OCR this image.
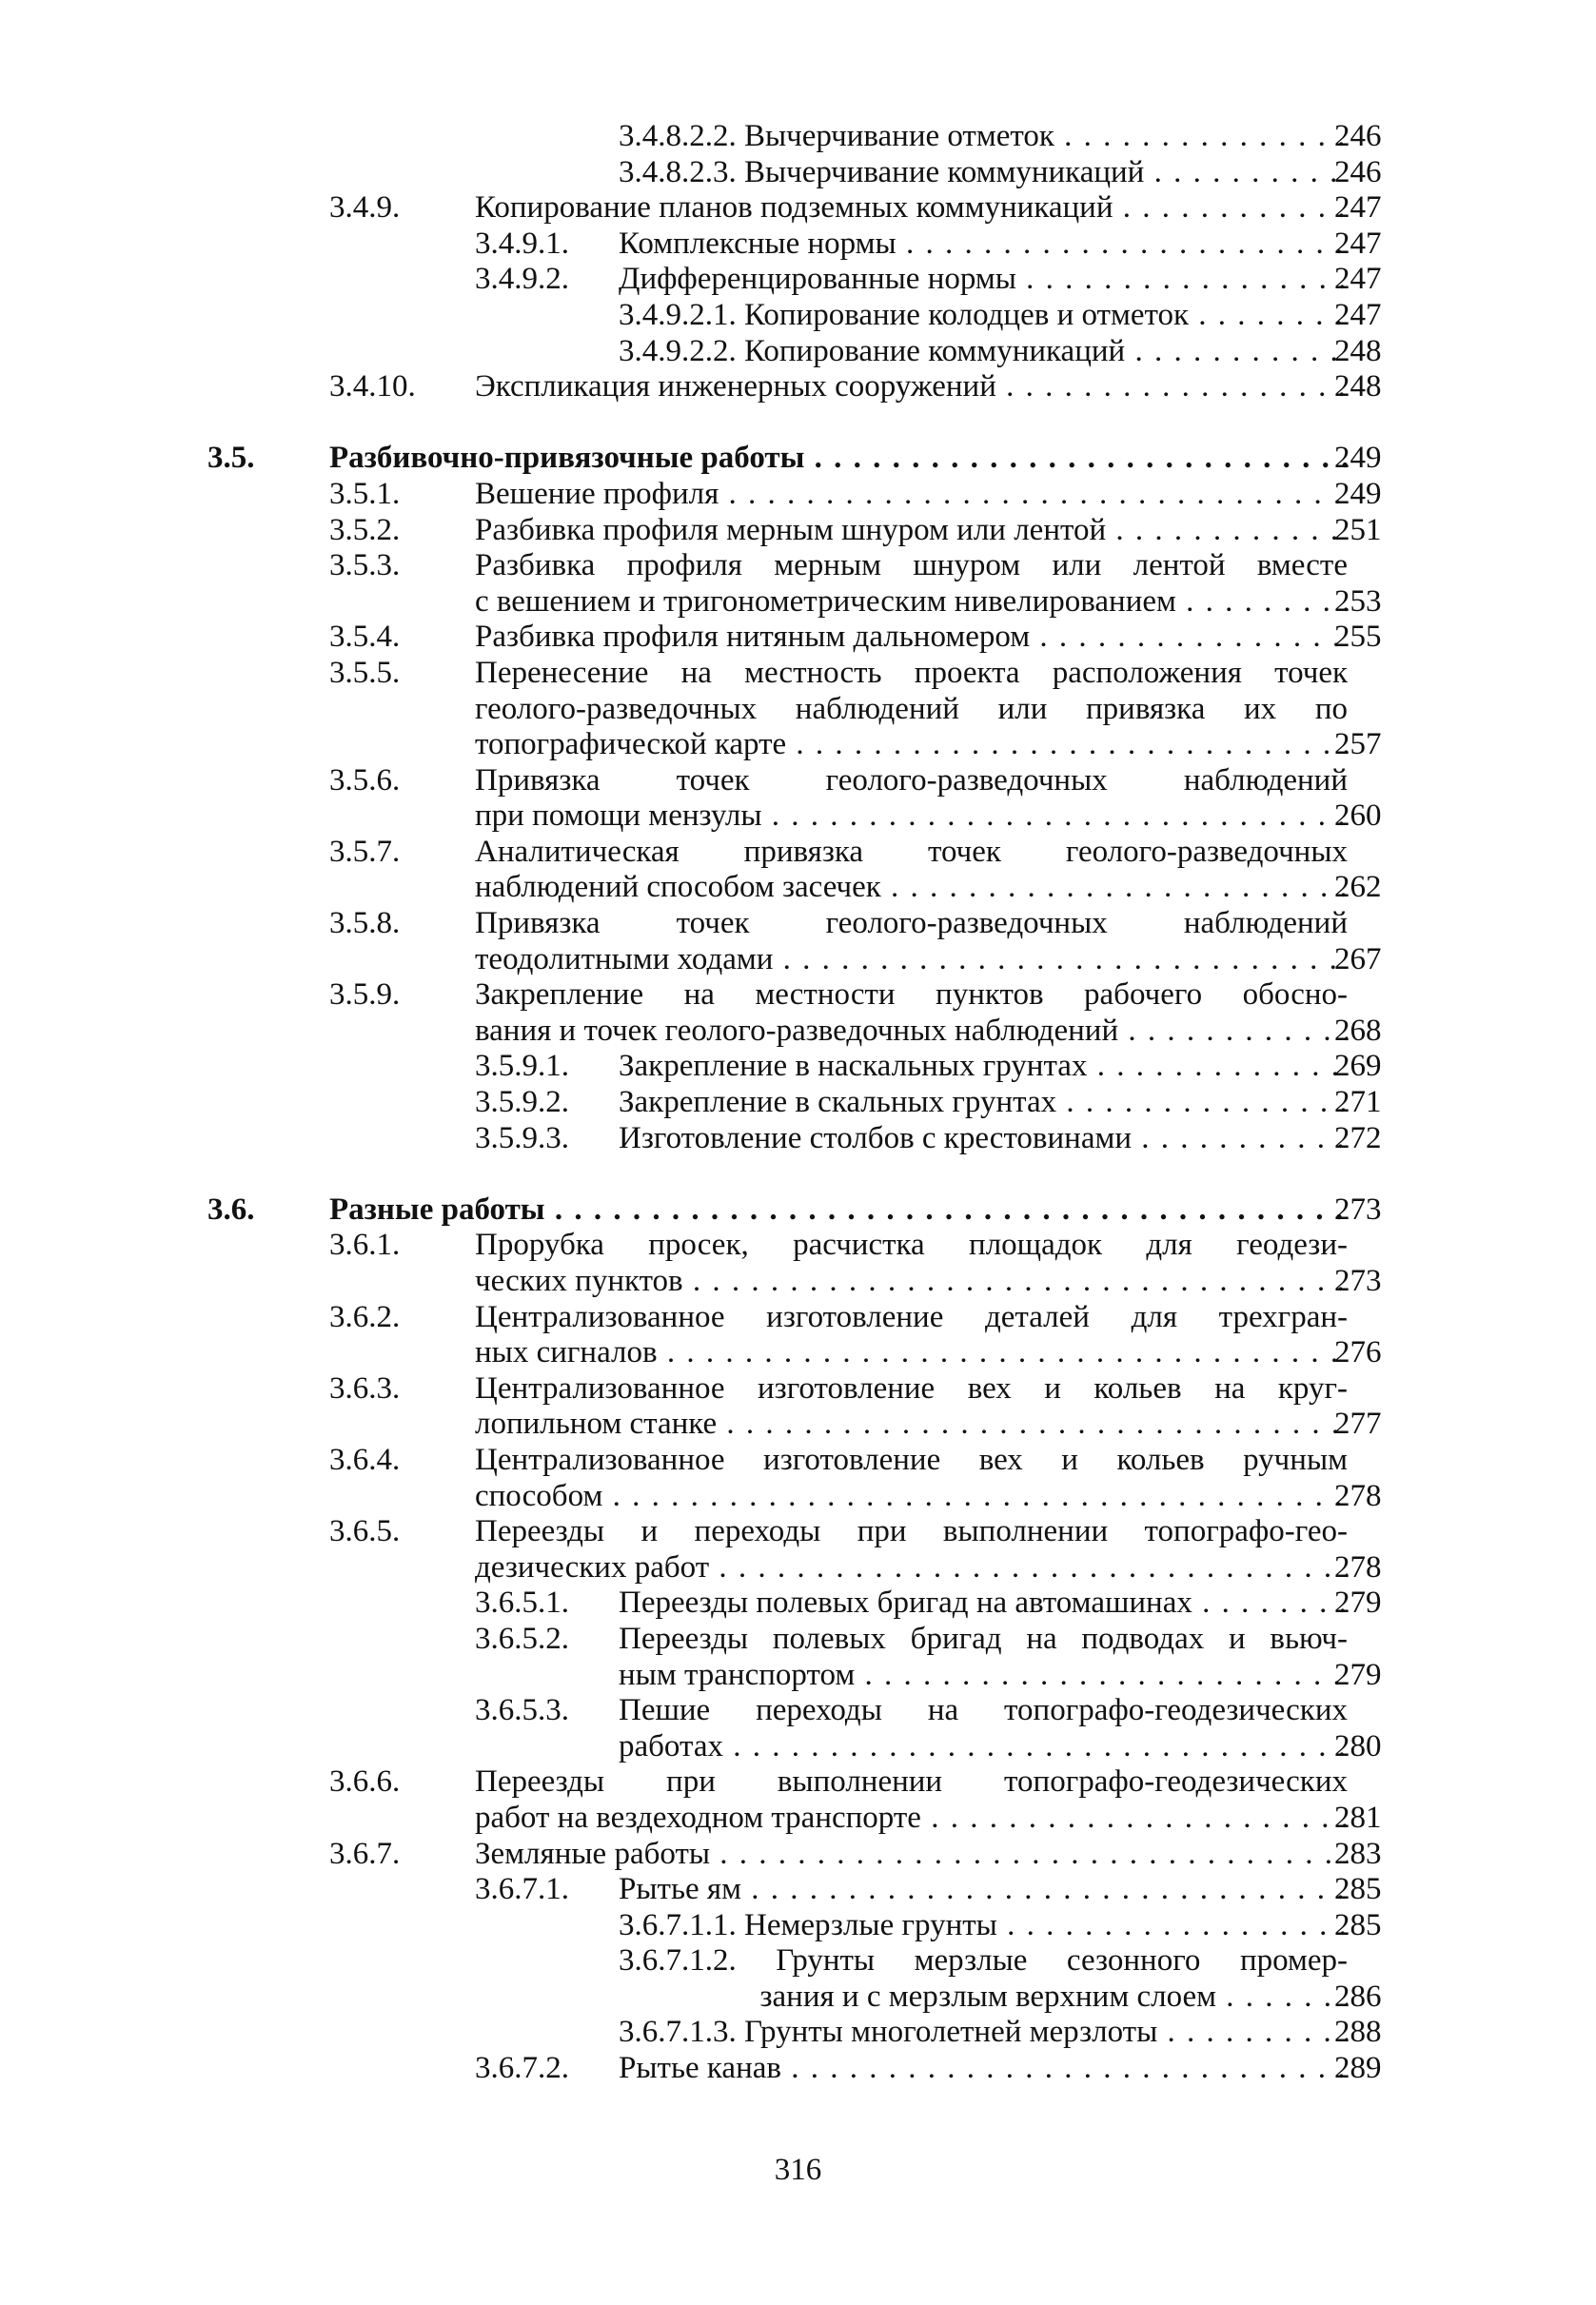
3.4.8.2.2. Вычерчивание отметок . . .	246
3.4.8.2.3. Вычерчивание коммуникаций . . .	246
3.4.9. Копирование планов подземных коммуникаций . . .	247
3.4.9.1. Комплексные нормы . . .	247
3.4.9.2. Дифференцированные нормы . . .	247
3.4.9.2.1. Копирование колодцев и отметок . . .	247
3.4.9.2.2. Копирование коммуникаций . . .	248
3.4.10. Экспликация инженерных сооружений . . .	248
3.5. Разбивочно-привязочные работы . . .	249
3.5.1. Вешение профиля . . .	249
3.5.2. Разбивка профиля мерным шнуром или лентой . . .	251
3.5.3. Разбивка профиля мерным шнуром или лентой вместе
с вешением и тригонометрическим нивелированием . . .	253
3.5.4. Разбивка профиля нитяным дальномером . . .	255
3.5.5. Перенесение на местность проекта расположения точек
геолого-разведочных наблюдений или привязка их по
топографической карте . . .	257
3.5.6. Привязка точек геолого-разведочных наблюдений
при помощи мензулы . . .	260
3.5.7. Аналитическая привязка точек геолого-разведочных
наблюдений способом засечек . . .	262
3.5.8. Привязка точек геолого-разведочных наблюдений
теодолитными ходами . . .	267
3.5.9. Закрепление на местности пунктов рабочего обосно-
вания и точек геолого-разведочных наблюдений . . .	268
3.5.9.1. Закрепление в наскальных грунтах . . .	269
3.5.9.2. Закрепление в скальных грунтах . . .	271
3.5.9.3. Изготовление столбов с крестовинами . . .	272
3.6. Разные работы . . .	273
3.6.1. Прорубка просек, расчистка площадок для геодези-
ческих пунктов . . .	273
3.6.2. Централизованное изготовление деталей для трехгран-
ных сигналов . . .	276
3.6.3. Централизованное изготовление вех и кольев на круг-
лопильном станке . . .	277
3.6.4. Централизованное изготовление вех и кольев ручным
способом . . .	278
3.6.5. Переезды и переходы при выполнении топографо-гео-
дезических работ . . .	278
3.6.5.1. Переезды полевых бригад на автомашинах . . .	279
3.6.5.2. Переезды полевых бригад на подводах и вьюч-
ным транспортом . . .	279
3.6.5.3. Пешие переходы на топографо-геодезических
работах . . .	280
3.6.6. Переезды при выполнении топографо-геодезических
работ на вездеходном транспорте . . .	281
3.6.7. Земляные работы . . .	283
3.6.7.1. Рытье ям . . .	285
3.6.7.1.1. Немерзлые грунты . . .	285
3.6.7.1.2. Грунты мерзлые сезонного промер-
зания и с мерзлым верхним слоем . . .	286
3.6.7.1.3. Грунты многолетней мерзлоты . . .	288
3.6.7.2. Рытье канав . . .	289
316
